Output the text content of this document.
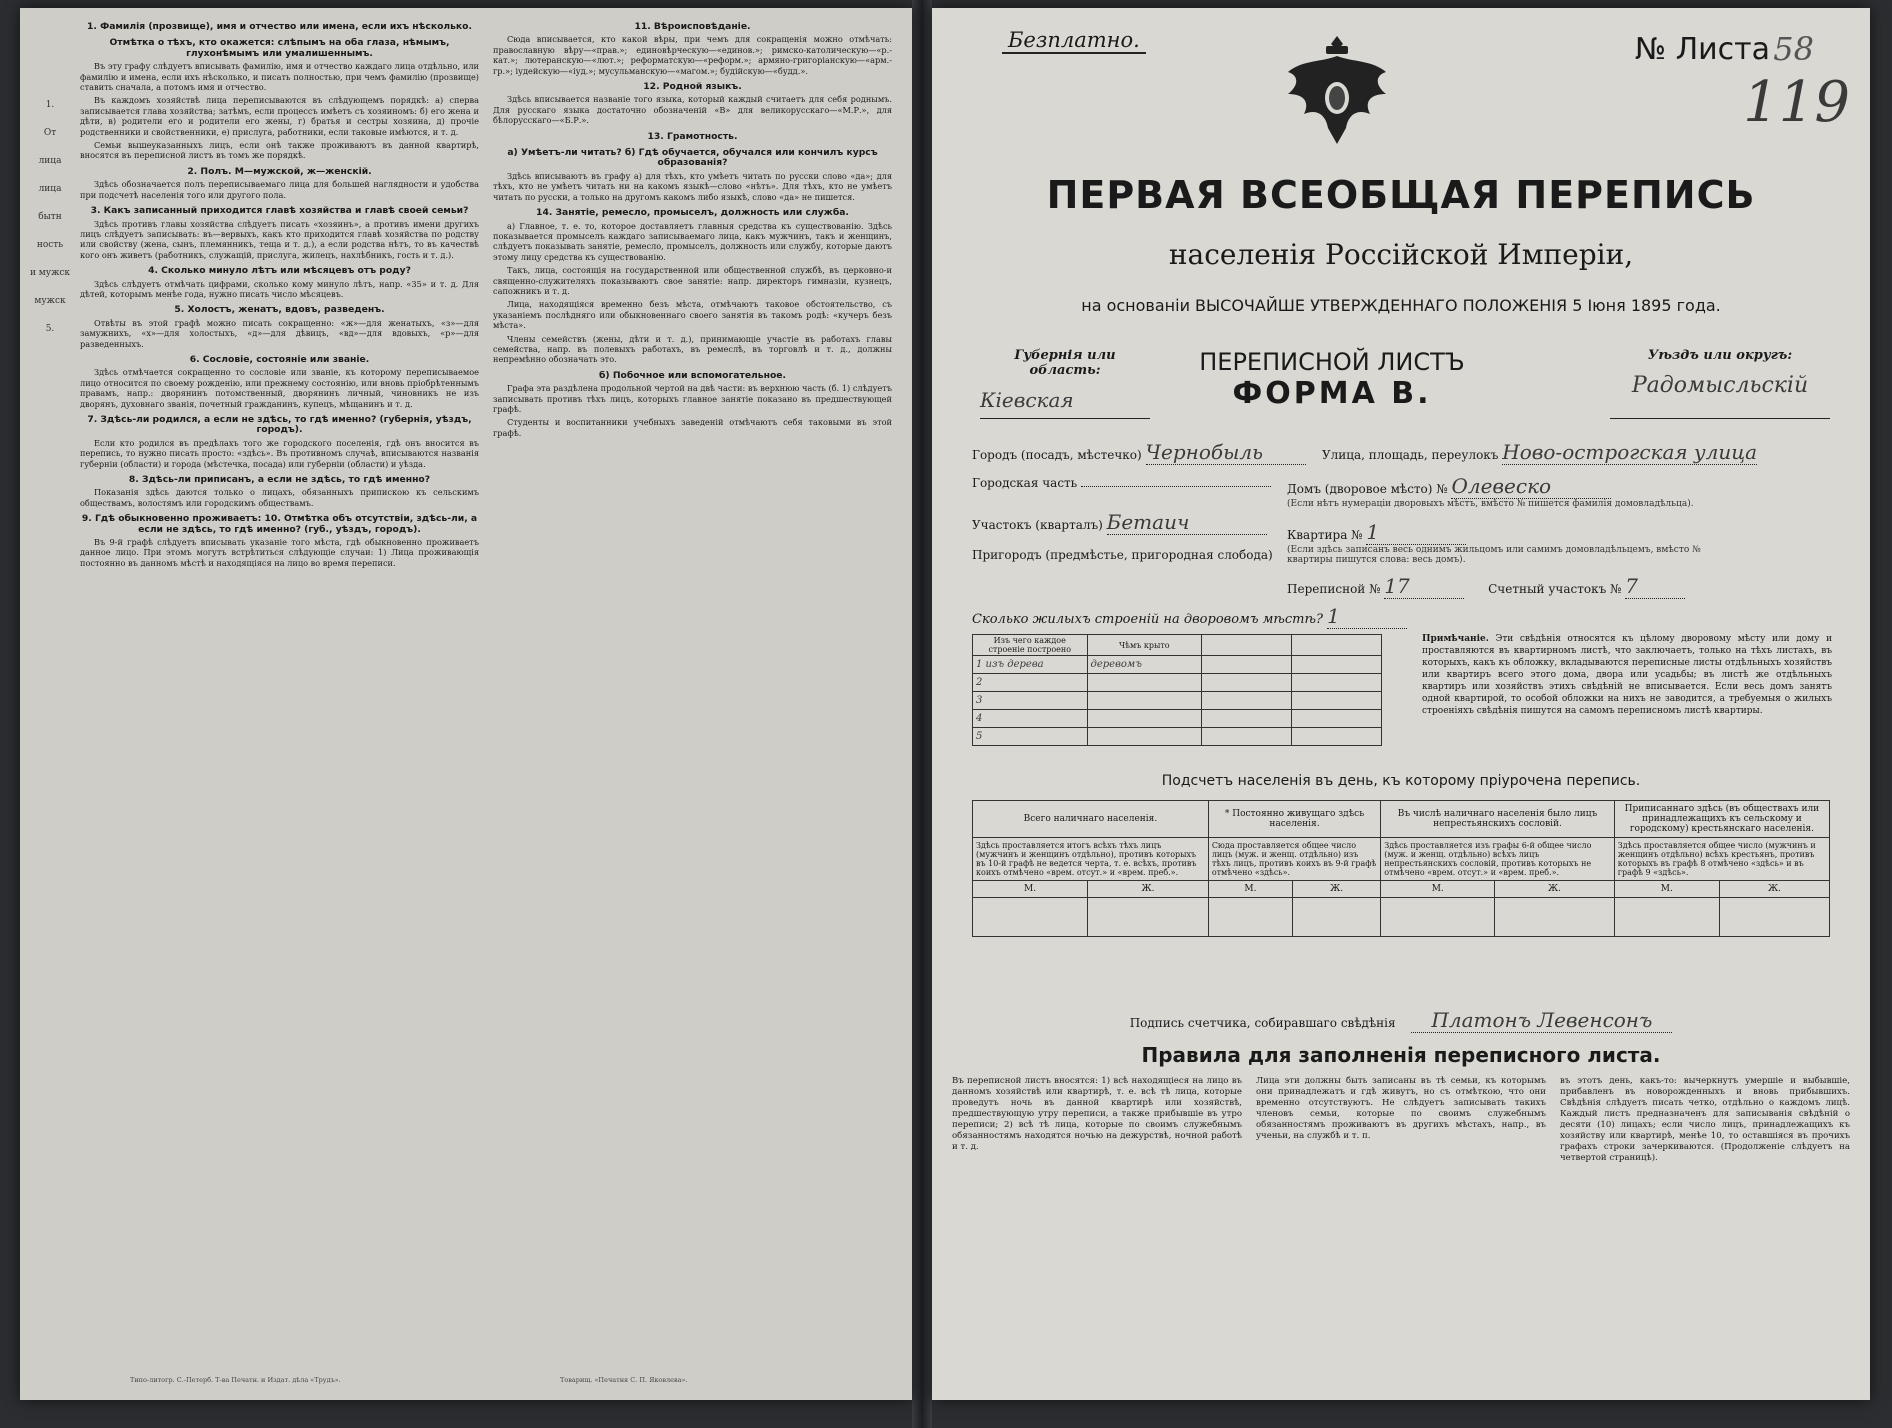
1.
От
лица
лица
бытн
ность
и мужск
мужск
5.
1. Фамилія (прозвище), имя и отчество или имена, если ихъ нѣсколько.
Отмѣтка о тѣхъ, кто окажется: слѣпымъ на оба глаза, нѣмымъ, глухонѣмымъ или умалишеннымъ.

Въ эту графу слѣдуетъ вписывать фамилію, имя и отчество каждаго лица отдѣльно, или фамилію и имена, если ихъ нѣсколько, и писать полностью, при чемъ фамилію (прозвище) ставить сначала, а потомъ имя и отчество.

Въ каждомъ хозяйствѣ лица переписываются въ слѣдующемъ порядкѣ: а) сперва записывается глава хозяйства; затѣмъ, если процессъ имѣетъ съ хозяиномъ: б) его жена и дѣти, в) родители его и родители его жены, г) братья и сестры хозяина, д) прочіе родственники и свойственники, е) прислуга, работники, если таковые имѣются, и т. д.

Семьи вышеуказанныхъ лицъ, если онѣ также проживаютъ въ данной квартирѣ, вносятся въ переписной листъ въ томъ же порядкѣ.

2. Полъ. М—мужской, ж—женскій.

Здѣсь обозначается полъ переписываемаго лица для большей наглядности и удобства при подсчетѣ населенія того или другого пола.

3. Какъ записанный приходится главѣ хозяйства и главѣ своей семьи?

Здѣсь противъ главы хозяйства слѣдуетъ писать «хозяинъ», а противъ имени другихъ лицъ слѣдуетъ записывать: въ—вервыхъ, какъ кто приходится главѣ хозяйства по родству или свойству (жена, сынъ, племянникъ, теща и т. д.), а если родства нѣтъ, то въ качествѣ кого онъ живетъ (работникъ, служащій, прислуга, жилецъ, нахлѣбникъ, гость и т. д.).

4. Сколько минуло лѣтъ или мѣсяцевъ отъ роду?

Здѣсь слѣдуетъ отмѣчать цифрами, сколько кому минуло лѣтъ, напр. «35» и т. д. Для дѣтей, которымъ менѣе года, нужно писать число мѣсяцевъ.

5. Холостъ, женатъ, вдовъ, разведенъ.

Отвѣты въ этой графѣ можно писать сокращенно: «ж»—для женатыхъ, «з»—для замужнихъ, «х»—для холостыхъ, «д»—для дѣвицъ, «вд»—для вдовыхъ, «р»—для разведенныхъ.

6. Сословіе, состояніе или званіе.

Здѣсь отмѣчается сокращенно то сословіе или званіе, къ которому переписываемое лицо относится по своему рожденію, или прежнему состоянію, или вновь пріобрѣтеннымъ правамъ, напр.: дворянинъ потомственный, дворянинъ личный, чиновникъ не изъ дворянъ, духовнаго званія, почетный гражданинъ, купецъ, мѣщанинъ и т. д.

7. Здѣсь-ли родился, а если не здѣсь, то гдѣ именно? (губернія, уѣздъ, городъ).

Если кто родился въ предѣлахъ того же городского поселенія, гдѣ онъ вносится въ перепись, то нужно писать просто: «здѣсь». Въ противномъ случаѣ, вписываются названія губерніи (области) и города (мѣстечка, посада) или губерніи (области) и уѣзда.

8. Здѣсь-ли приписанъ, а если не здѣсь, то гдѣ именно?

Показанія здѣсь даются только о лицахъ, обязанныхъ припискою къ сельскимъ обществамъ, волостямъ или городскимъ обществамъ.

9. Гдѣ обыкновенно проживаетъ: 10. Отмѣтка объ отсутствіи, здѣсь-ли, а если не здѣсь, то гдѣ именно? (губ., уѣздъ, городъ).

Въ 9-й графѣ слѣдуетъ вписывать указаніе того мѣста, гдѣ обыкновенно проживаетъ данное лицо. При этомъ могутъ встрѣтиться слѣдующіе случаи: 1) Лица проживающія постоянно въ данномъ мѣстѣ и находящіяся на лицо во время переписи.

11. Вѣроисповѣданіе.

Сюда вписывается, кто какой вѣры, при чемъ для сокращенія можно отмѣчать: православную вѣру—«прав.»; единовѣрческую—«единов.»; римско-католическую—«р.-кат.»; лютеранскую—«лют.»; реформатскую—«реформ.»; армяно-григоріанскую—«арм.-гр.»; іудейскую—«іуд.»; мусульманскую—«магом.»; будійскую—«будд.».

12. Родной языкъ.

Здѣсь вписывается названіе того языка, который каждый считаетъ для себя роднымъ. Для русскаго языка достаточно обозначеній «В» для великорусскаго—«М.Р.», для бѣлорусскаго—«Б.Р.».

13. Грамотность.
а) Умѣетъ-ли читать? б) Гдѣ обучается, обучался или кончилъ курсъ образованія?

Здѣсь вписываютъ въ графу а) для тѣхъ, кто умѣетъ читать по русски слово «да»; для тѣхъ, кто не умѣетъ читать ни на какомъ языкѣ—слово «нѣтъ». Для тѣхъ, кто не умѣетъ читать по русски, а только на другомъ какомъ либо языкѣ, слово «да» не пишется.

14. Занятіе, ремесло, промыселъ, должность или служба.

а) Главное, т. е. то, которое доставляетъ главныя средства къ существованію. Здѣсь показывается промыселъ каждаго записываемаго лица, какъ мужчинъ, такъ и женщинъ, слѣдуетъ показывать занятіе, ремесло, промыселъ, должность или службу, которые даютъ этому лицу средства къ существованію.

Такъ, лица, состоящія на государственной или общественной службѣ, въ церковно-и священно-служителяхъ показываютъ свое занятіе: напр. директоръ гимназіи, кузнецъ, сапожникъ и т. д.

Лица, находящіяся временно безъ мѣста, отмѣчаютъ таковое обстоятельство, съ указаніемъ послѣдняго или обыкновеннаго своего занятія въ такомъ родѣ: «кучеръ безъ мѣста».

Члены семействъ (жены, дѣти и т. д.), принимающіе участіе въ работахъ главы семейства, напр. въ полевыхъ работахъ, въ ремеслѣ, въ торговлѣ и т. д., должны непремѣнно обозначать это.

б) Побочное или вспомогательное.

Графа эта раздѣлена продольной чертой на двѣ части: въ верхнюю часть (б. 1) слѣдуетъ записывать противъ тѣхъ лицъ, которыхъ главное занятіе показано въ предшествующей графѣ.

Студенты и воспитанники учебныхъ заведеній отмѣчаютъ себя таковыми въ этой графѣ.

Типо-литогр. С.-Петерб. Т-ва Печатн. и Издат. дѣла «Трудъ».	Товарищ. «Печатня С. П. Яковлева».
Безплатно.	№ Листа 58
119
ПЕРВАЯ ВСЕОБЩАЯ ПЕРЕПИСЬ
населенія Россійской Имперіи,
на основаніи ВЫСОЧАЙШЕ УТВЕРЖДЕННАГО ПОЛОЖЕНІЯ 5 Іюня 1895 года.
Губернія или область:
Кіевская
ПЕРЕПИСНОЙ ЛИСТЪ
ФОРМА В.
Уѣздъ или округъ:
Радомысльскій
Городъ (посадъ, мѣстечко) Чернобыль
Городская часть
Участокъ (кварталъ) Бетаич
Пригородъ (предмѣстье, пригородная слобода)
Улица, площадь, переулокъ Ново-острогская улица
Домъ (дворовое мѣсто) № Олевеско
(Если нѣтъ нумераціи дворовыхъ мѣстъ, вмѣсто № пишется фамилія домовладѣльца).
Квартира № 1
(Если здѣсь записанъ весь однимъ жильцомъ или самимъ домовладѣльцемъ, вмѣсто № квартиры пишутся слова: весь домъ).
Переписной № 17	Счетный участокъ № 7
Сколько жилыхъ строеній на дворовомъ мѣстѣ? 1
Изъ чего каждое строеніе построено	Чѣмъ крыто		
1 изъ дерева	деревомъ		
2			
3			
4			
5			
Примѣчаніе. Эти свѣдѣнія относятся къ цѣлому дворовому мѣсту или дому и проставляются въ квартирномъ листѣ, что заключаетъ, только на тѣхъ листахъ, въ которыхъ, какъ къ обложку, вкладываются переписные листы отдѣльныхъ хозяйствъ или квартиръ всего этого дома, двора или усадьбы; въ листѣ же отдѣльныхъ квартиръ или хозяйствъ этихъ свѣдѣній не вписывается. Если весь домъ занятъ одной квартирой, то особой обложки на нихъ не заводится, а требуемыя о жилыхъ строеніяхъ свѣдѣнія пишутся на самомъ переписномъ листѣ квартиры.
Подсчетъ населенія въ день, къ которому пріурочена перепись.
Всего наличнаго населенія.		* Постоянно живущаго здѣсь населенія.		Въ числѣ наличнаго населенія было лицъ непрестьянскихъ сословій.		Приписаннаго здѣсь (въ обществахъ или принадлежащихъ къ сельскому и городскому) крестьянскаго населенія.	
Здѣсь проставляется итогъ всѣхъ тѣхъ лицъ (мужчинъ и женщинъ отдѣльно), противъ которыхъ въ 10-й графѣ не ведется черта, т. е. всѣхъ, противъ коихъ отмѣчено «врем. отсут.» и «врем. преб.».		Сюда проставляется общее число лицъ (муж. и женщ. отдѣльно) изъ тѣхъ лицъ, противъ коихъ въ 9-й графѣ отмѣчено «здѣсь».		Здѣсь проставляется изъ графы 6-й общее число (муж. и женщ. отдѣльно) всѣхъ лицъ непрестьянскихъ сословій, противъ которыхъ не отмѣчено «врем. отсут.» и «врем. преб.».		Здѣсь проставляется общее число (мужчинъ и женщинъ отдѣльно) всѣхъ крестьянъ, противъ которыхъ въ графѣ 8 отмѣчено «здѣсь» и въ графѣ 9 «здѣсь».	
М.	Ж.	М.	Ж.	М.	Ж.	М.	Ж.

Подпись счетчика, собиравшаго свѣдѣнія Платонъ Левенсонъ
Правила для заполненія переписного листа.
Въ переписной листъ вносятся: 1) всѣ находящіеся на лицо въ данномъ хозяйствѣ или квартирѣ, т. е. всѣ тѣ лица, которые проведутъ ночь въ данной квартирѣ или хозяйствѣ, предшествующую утру переписи, а также прибывшіе въ утро переписи; 2) всѣ тѣ лица, которые по своимъ служебнымъ обязанностямъ находятся ночью на дежурствѣ, ночной работѣ и т. д.
Лица эти должны быть записаны въ тѣ семьи, къ которымъ они принадлежатъ и гдѣ живутъ, но съ отмѣткою, что они временно отсутствуютъ. Не слѣдуетъ записывать такихъ членовъ семьи, которые по своимъ служебнымъ обязанностямъ проживаютъ въ другихъ мѣстахъ, напр., въ ученьи, на службѣ и т. п.
въ этотъ день, какъ-то: вычеркнутъ умершіе и выбывшіе, прибавленъ въ новорожденныхъ и вновь прибывшихъ. Свѣдѣнія слѣдуетъ писать четко, отдѣльно о каждомъ лицѣ. Каждый листъ предназначенъ для записыванія свѣдѣній о десяти (10) лицахъ; если число лицъ, принадлежащихъ къ хозяйству или квартирѣ, менѣе 10, то оставшіяся въ прочихъ графахъ строки зачеркиваются. (Продолженіе слѣдуетъ на четвертой страницѣ).
